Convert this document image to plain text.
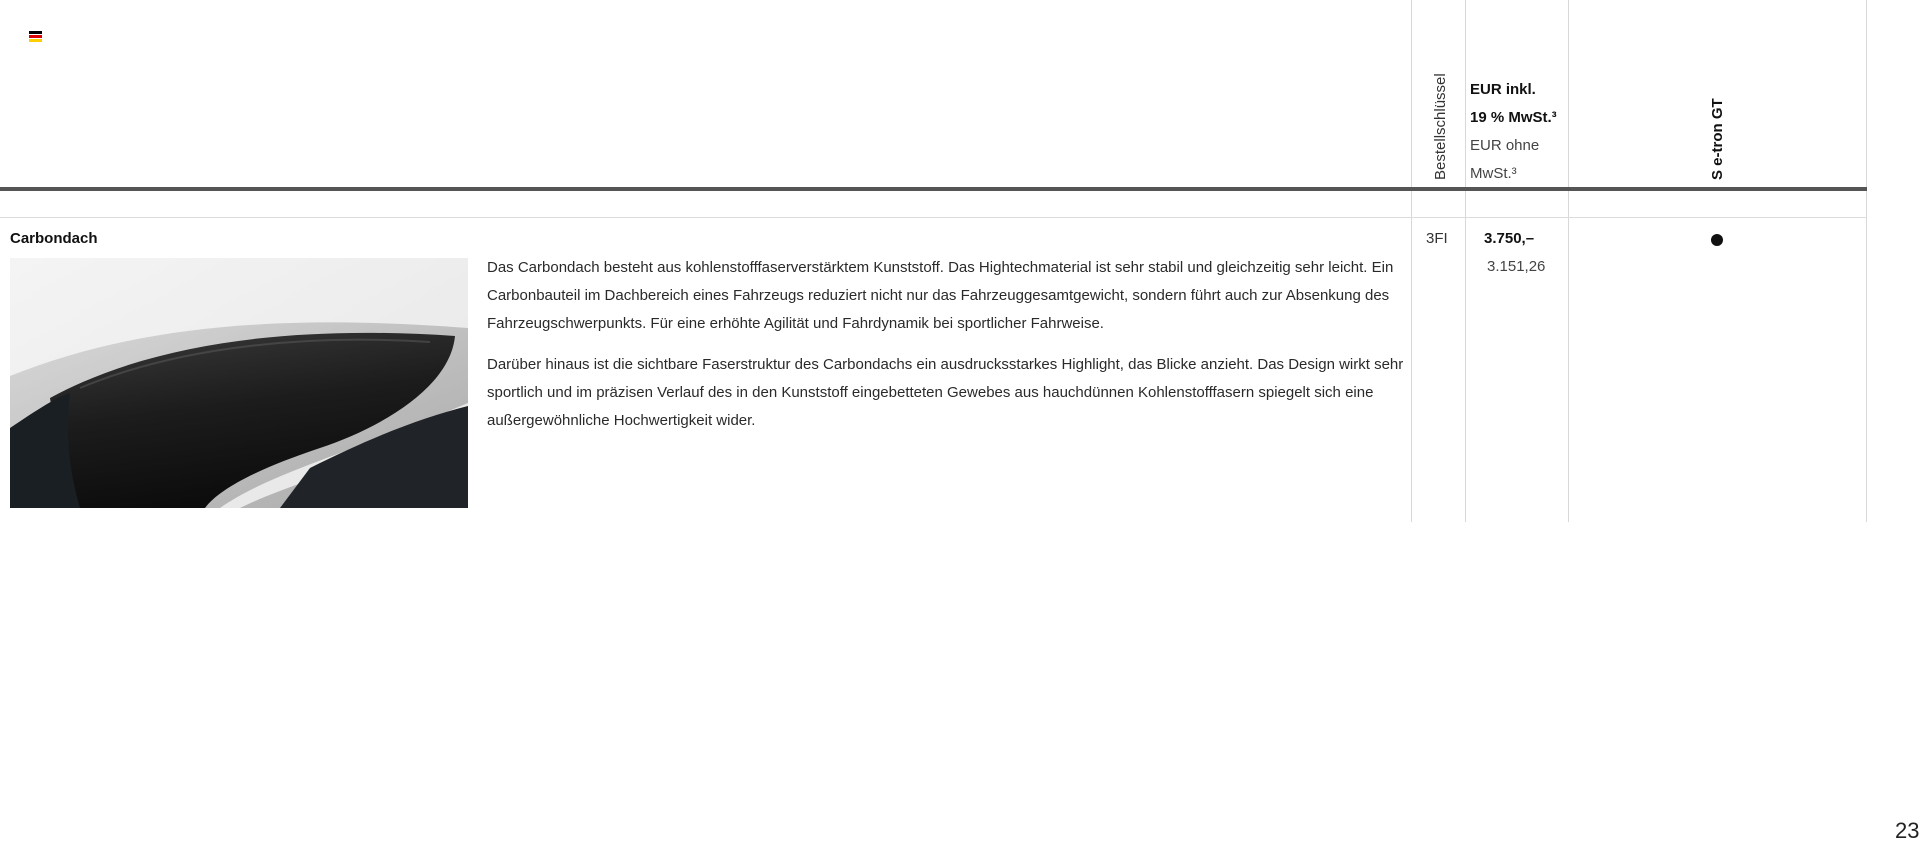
Bestellschlüssel EUR inkl.
19 % MwSt.³
EUR ohne
MwSt.³	S e-tron GT
Carbondach

Das Carbondach besteht aus kohlenstofffaserverstärktem Kunststoff. Das Hightechmaterial ist sehr stabil und gleichzeitig sehr leicht. Ein Carbonbauteil im Dachbereich eines Fahrzeugs reduziert nicht nur das Fahrzeuggesamtgewicht, sondern führt auch zur Absenkung des Fahrzeugschwerpunkts. Für eine erhöhte Agilität und Fahrdynamik bei sportlicher Fahrweise.

Darüber hinaus ist die sichtbare Faserstruktur des Carbondachs ein ausdrucksstarkes Highlight, das Blicke anzieht. Das Design wirkt sehr sportlich und im präzisen Verlauf des in den Kunststoff eingebetteten Gewebes aus hauchdünnen Kohlenstofffasern spiegelt sich eine außergewöhnliche Hochwertigkeit wider.

3FI 3.750,–
3.151,26
23
